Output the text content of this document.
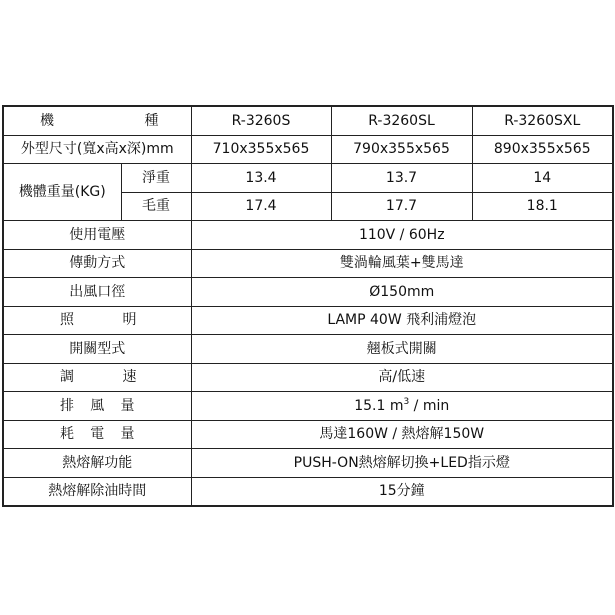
機 種		R-3260S	R-3260SL	R-3260SXL
外型尺寸(寬x高x深)mm		710x355x565	790x355x565	890x355x565
機體重量(KG)	淨重	13.4	13.7	14
	毛重	17.4	17.7	18.1
使用電壓		110V / 60Hz		
傳動方式		雙渦輪風葉+雙馬達		
出風口徑		Ø150mm		

照 明		LAMP 40W 飛利浦燈泡		
開關型式		翹板式開關		

調 速		高/低速		

排 風 量		15.1 $m^3$ / min		

耗 電 量		馬達160W / 熱熔解150W		
熱熔解功能		PUSH-ON熱熔解切換+LED指示燈		
熱熔解除油時間		15分鐘		
